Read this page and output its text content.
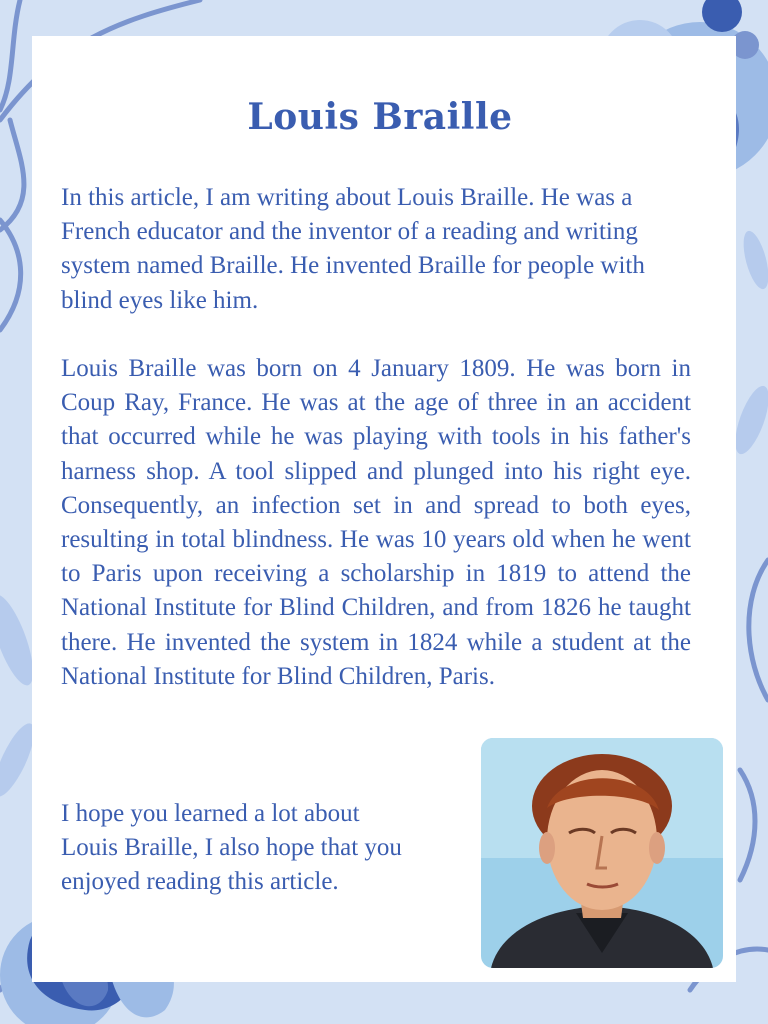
Louis Braille

In this article, I am writing about Louis Braille. He was a French educator and the inventor of a reading and writing system named Braille. He invented Braille for people with blind eyes like him.

Louis Braille was born on 4 January 1809. He was born in Coup Ray, France. He was at the age of three in an accident that occurred while he was playing with tools in his father's harness shop. A tool slipped and plunged into his right eye. Consequently, an infection set in and spread to both eyes, resulting in total blindness. He was 10 years old when he went to Paris upon receiving a scholarship in 1819 to attend the National Institute for Blind Children, and from 1826 he taught there. He invented the system in 1824 while a student at the National Institute for Blind Children, Paris.

I hope you learned a lot about
Louis Braille, I also hope that you enjoyed reading this article.
